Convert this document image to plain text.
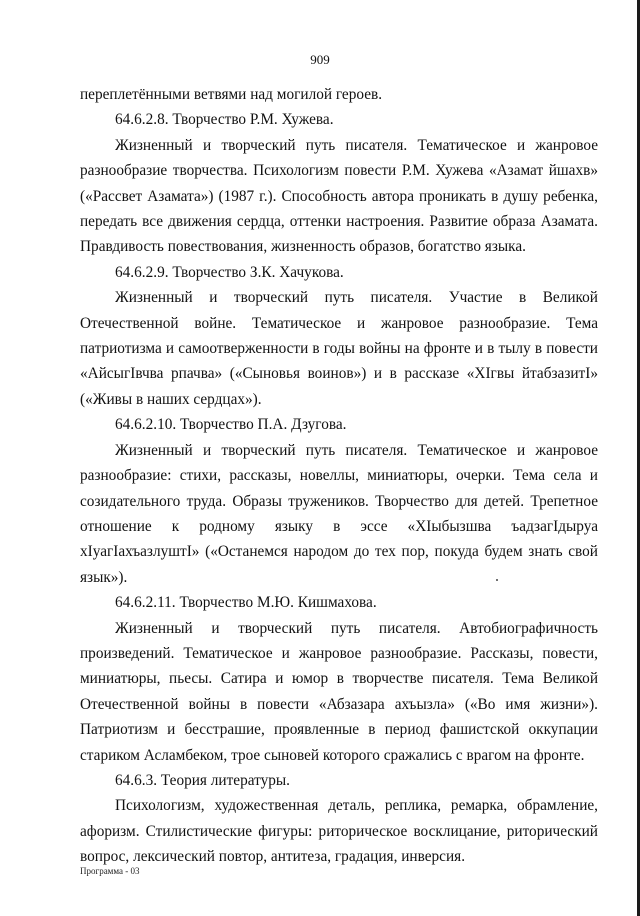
909

переплетёнными ветвями над могилой героев.

64.6.2.8. Творчество Р.М. Хужева.

Жизненный и творческий путь писателя. Тематическое и жанровое разнообразие творчества. Психологизм повести Р.М. Хужева «Азамат йшахв» («Рассвет Азамата») (1987 г.). Способность автора проникать в душу ребенка, передать все движения сердца, оттенки настроения. Развитие образа Азамата. Правдивость повествования, жизненность образов, богатство языка.

64.6.2.9. Творчество З.К. Хачукова.

Жизненный и творческий путь писателя. Участие в Великой Отечественной войне. Тематическое и жанровое разнообразие. Тема патриотизма и самоотверженности в годы войны на фронте и в тылу в повести «АйсыгIвчва рпачва» («Сыновья воинов») и в рассказе «ХIгвы йтабзазитI» («Живы в наших сердцах»).

64.6.2.10. Творчество П.А. Дзугова.

Жизненный и творческий путь писателя. Тематическое и жанровое разнообразие: стихи, рассказы, новеллы, миниатюры, очерки. Тема села и созидательного труда. Образы тружеников. Творчество для детей. Трепетное отношение к родному языку в эссе «ХIыбызшва ъадзагIдыруа хIуагIахъазлуштI» («Останемся народом до тех пор, покуда будем знать свой язык»).

64.6.2.11. Творчество М.Ю. Кишмахова.

Жизненный и творческий путь писателя. Автобиографичность произведений. Тематическое и жанровое разнообразие. Рассказы, повести, миниатюры, пьесы. Сатира и юмор в творчестве писателя. Тема Великой Отечественной войны в повести «Абзазара ахъызла» («Во имя жизни»). Патриотизм и бесстрашие, проявленные в период фашистской оккупации стариком Асламбеком, трое сыновей которого сражались с врагом на фронте.

64.6.3. Теория литературы.

Психологизм, художественная деталь, реплика, ремарка, обрамление, афоризм. Стилистические фигуры: риторическое восклицание, риторический вопрос, лексический повтор, антитеза, градация, инверсия.

Программа - 03
